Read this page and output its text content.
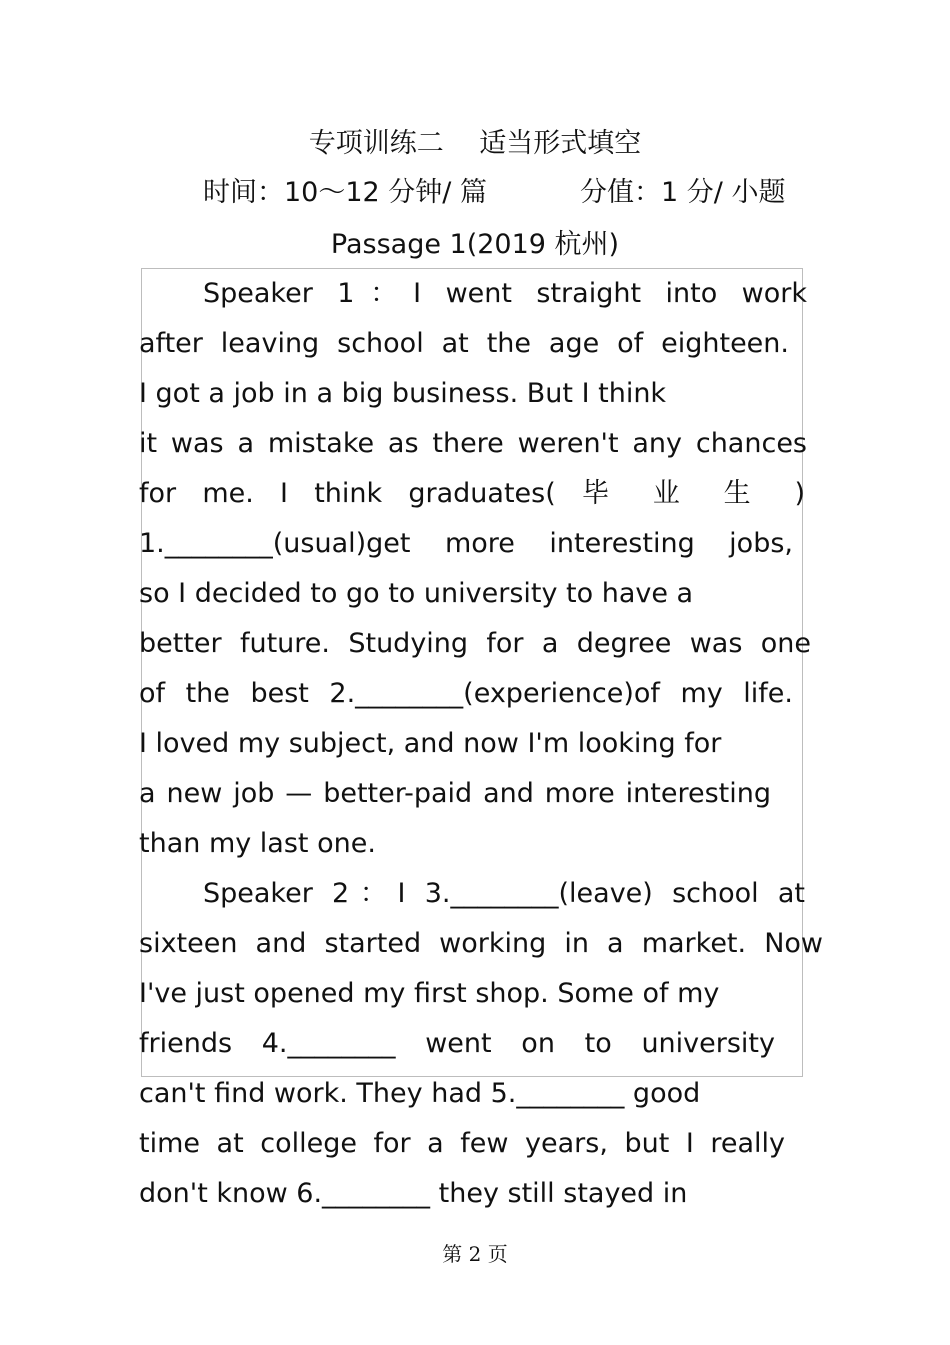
专项训练二　 适当形式填空
时间：10～12 分钟/ 篇	分值：1 分/ 小题
Passage 1(2019 杭州)
Speaker 1：I went straight into work
after leaving school at the age of eighteen.
I got a job in a big business. But I think
it was a mistake as there weren't any chances
for me. I think graduates( 毕 业 生 )
1.________(usual)get more interesting jobs,
so I decided to go to university to have a
better future. Studying for a degree was one
of the best 2.________(experience)of my life.
I loved my subject, and now I'm looking for
a new job — better-paid and more interesting
than my last one.
Speaker 2：I 3.________(leave) school at
sixteen and started working in a market. Now
I've just opened my first shop. Some of my
friends 4.________ went on to university
can't find work. They had 5.________ good
time at college for a few years, but I really
don't know 6.________ they still stayed in
第 2 页
